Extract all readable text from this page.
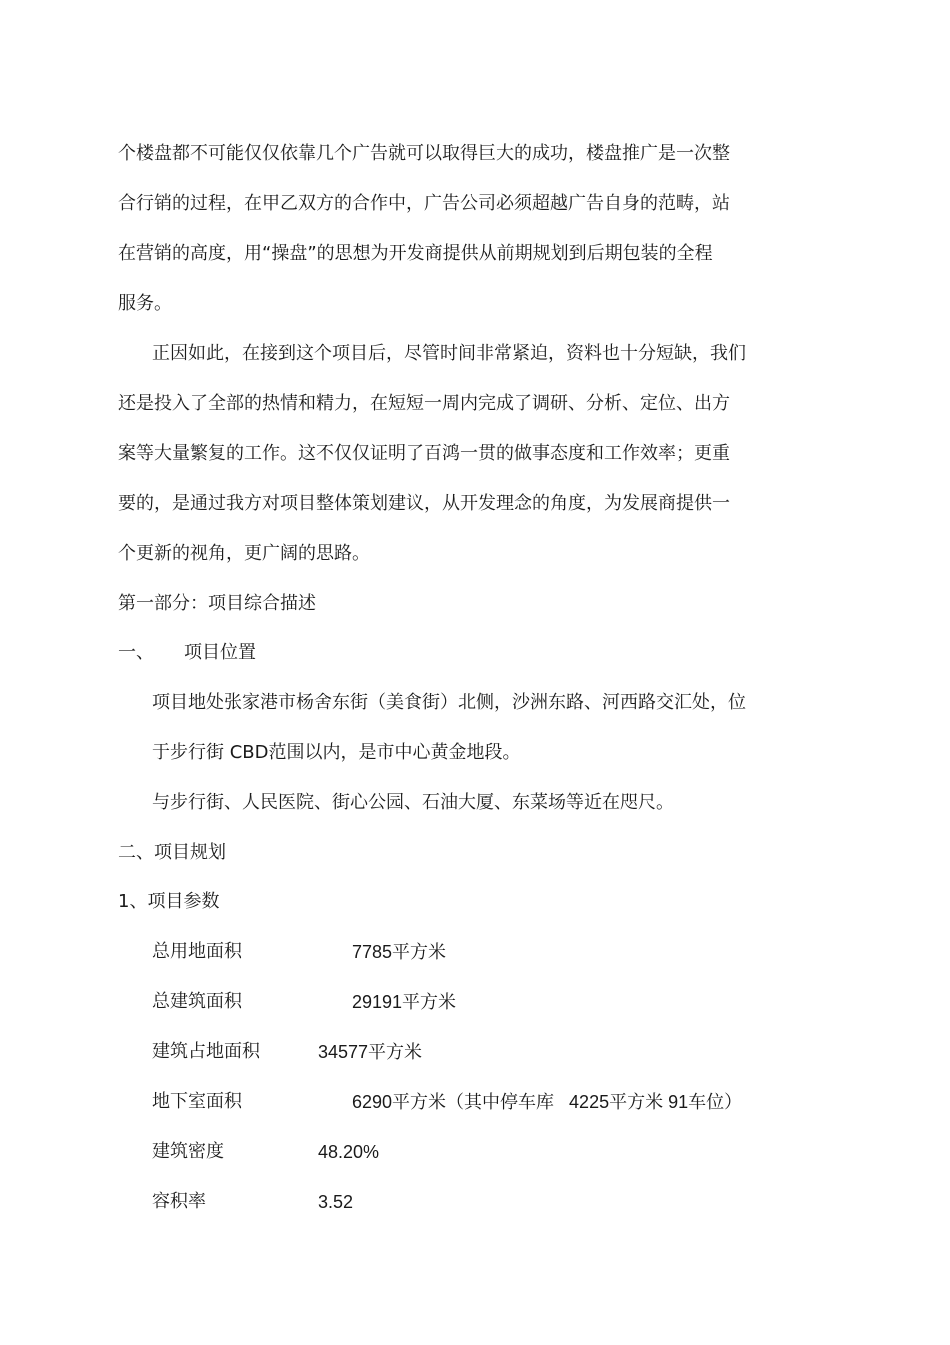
个楼盘都不可能仅仅依靠几个广告就可以取得巨大的成功，楼盘推广是一次整

合行销的过程，在甲乙双方的合作中，广告公司必须超越广告自身的范畴，站

在营销的高度，用“操盘”的思想为开发商提供从前期规划到后期包装的全程

服务。

正因如此，在接到这个项目后，尽管时间非常紧迫，资料也十分短缺，我们

还是投入了全部的热情和精力，在短短一周内完成了调研、分析、定位、出方

案等大量繁复的工作。这不仅仅证明了百鸿一贯的做事态度和工作效率；更重

要的，是通过我方对项目整体策划建议，从开发理念的角度，为发展商提供一

个更新的视角，更广阔的思路。

第一部分：项目综合描述

一、 项目位置

项目地处张家港市杨舍东街（美食街）北侧，沙洲东路、河西路交汇处，位

于步行街 CBD范围以内，是市中心黄金地段。

与步行街、人民医院、街心公园、石油大厦、东菜场等近在咫尺。

二、项目规划

1、项目参数

总用地面积	7785平方米

总建筑面积	29191平方米

建筑占地面积	34577平方米

地下室面积	6290平方米（其中停车库   4225平方米 91车位）

建筑密度	48.20%

容积率	3.52
